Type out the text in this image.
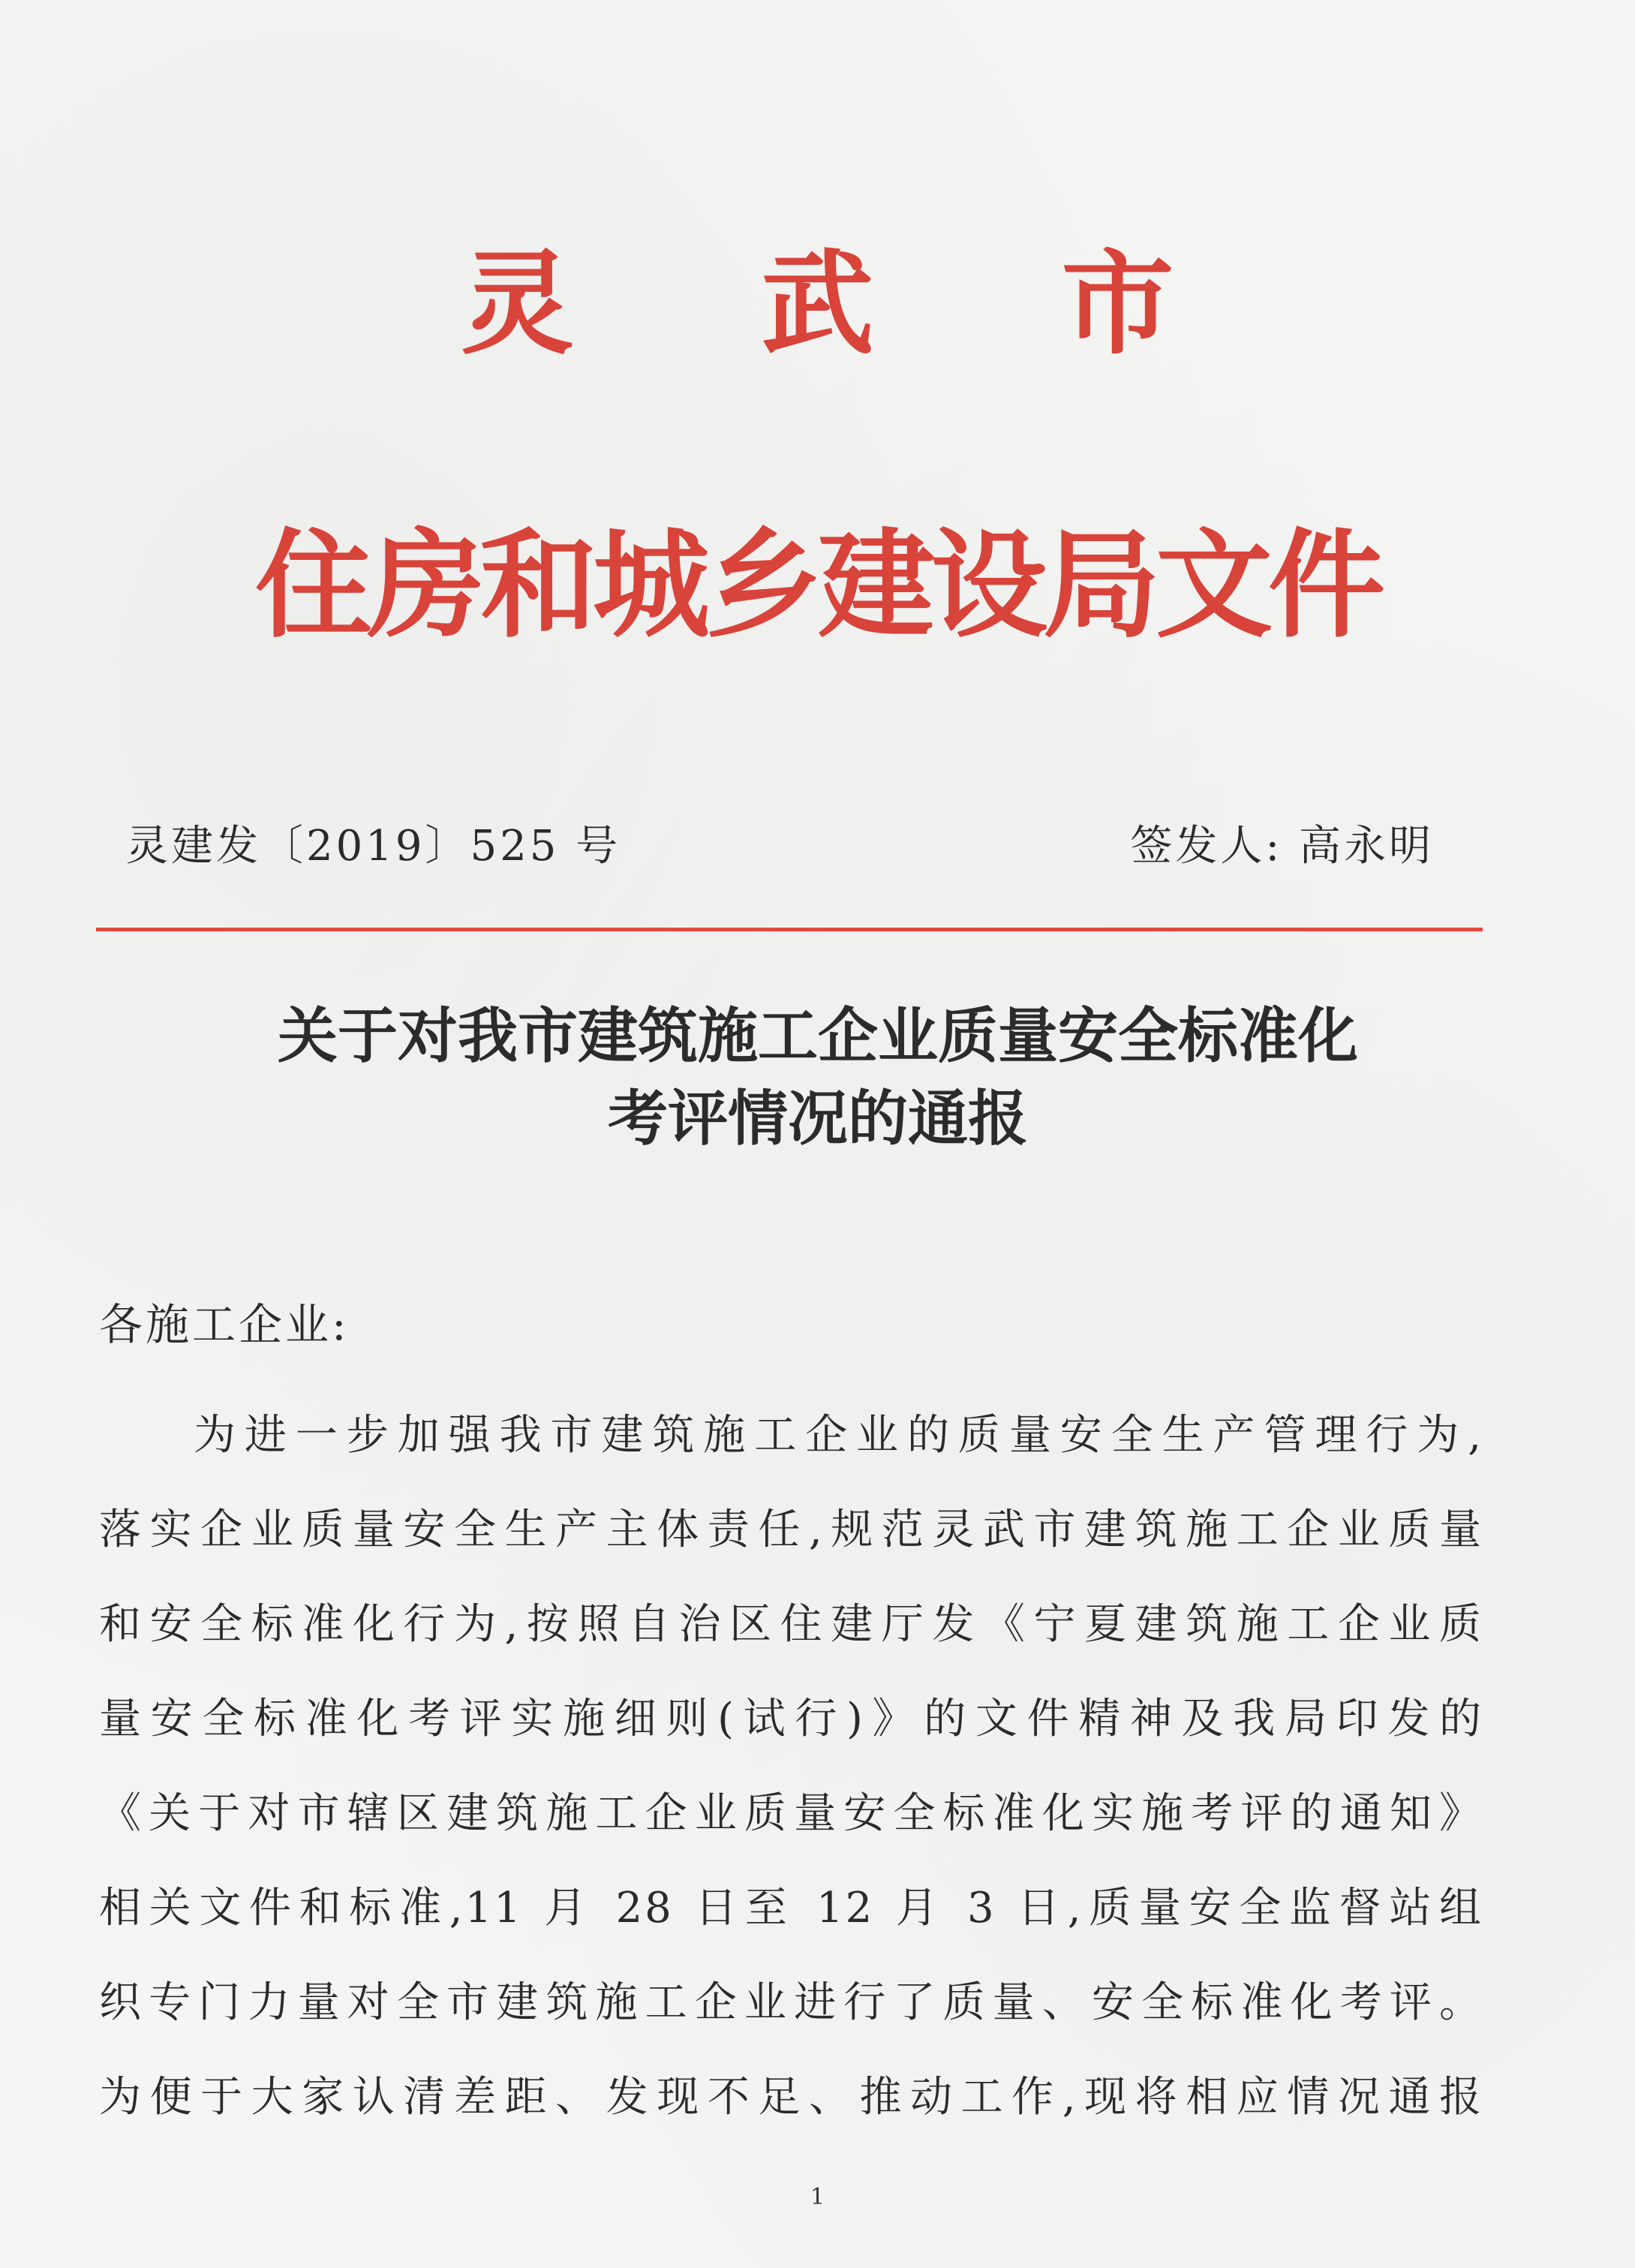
灵 武 市
住房和城乡建设局文件
灵建发〔2019〕525 号	签发人: 高永明
关于对我市建筑施工企业质量安全标准化
考评情况的通报
各施工企业:
为进一步加强我市建筑施工企业的质量安全生产管理行为,
落实企业质量安全生产主体责任,规范灵武市建筑施工企业质量
和安全标准化行为,按照自治区住建厅发《宁夏建筑施工企业质
量安全标准化考评实施细则(试行)》的文件精神及我局印发的
《关于对市辖区建筑施工企业质量安全标准化实施考评的通知》
相关文件和标准,11 月 28 日至 12 月 3 日,质量安全监督站组
织专门力量对全市建筑施工企业进行了质量、安全标准化考评。
为便于大家认清差距、发现不足、推动工作,现将相应情况通报
1
